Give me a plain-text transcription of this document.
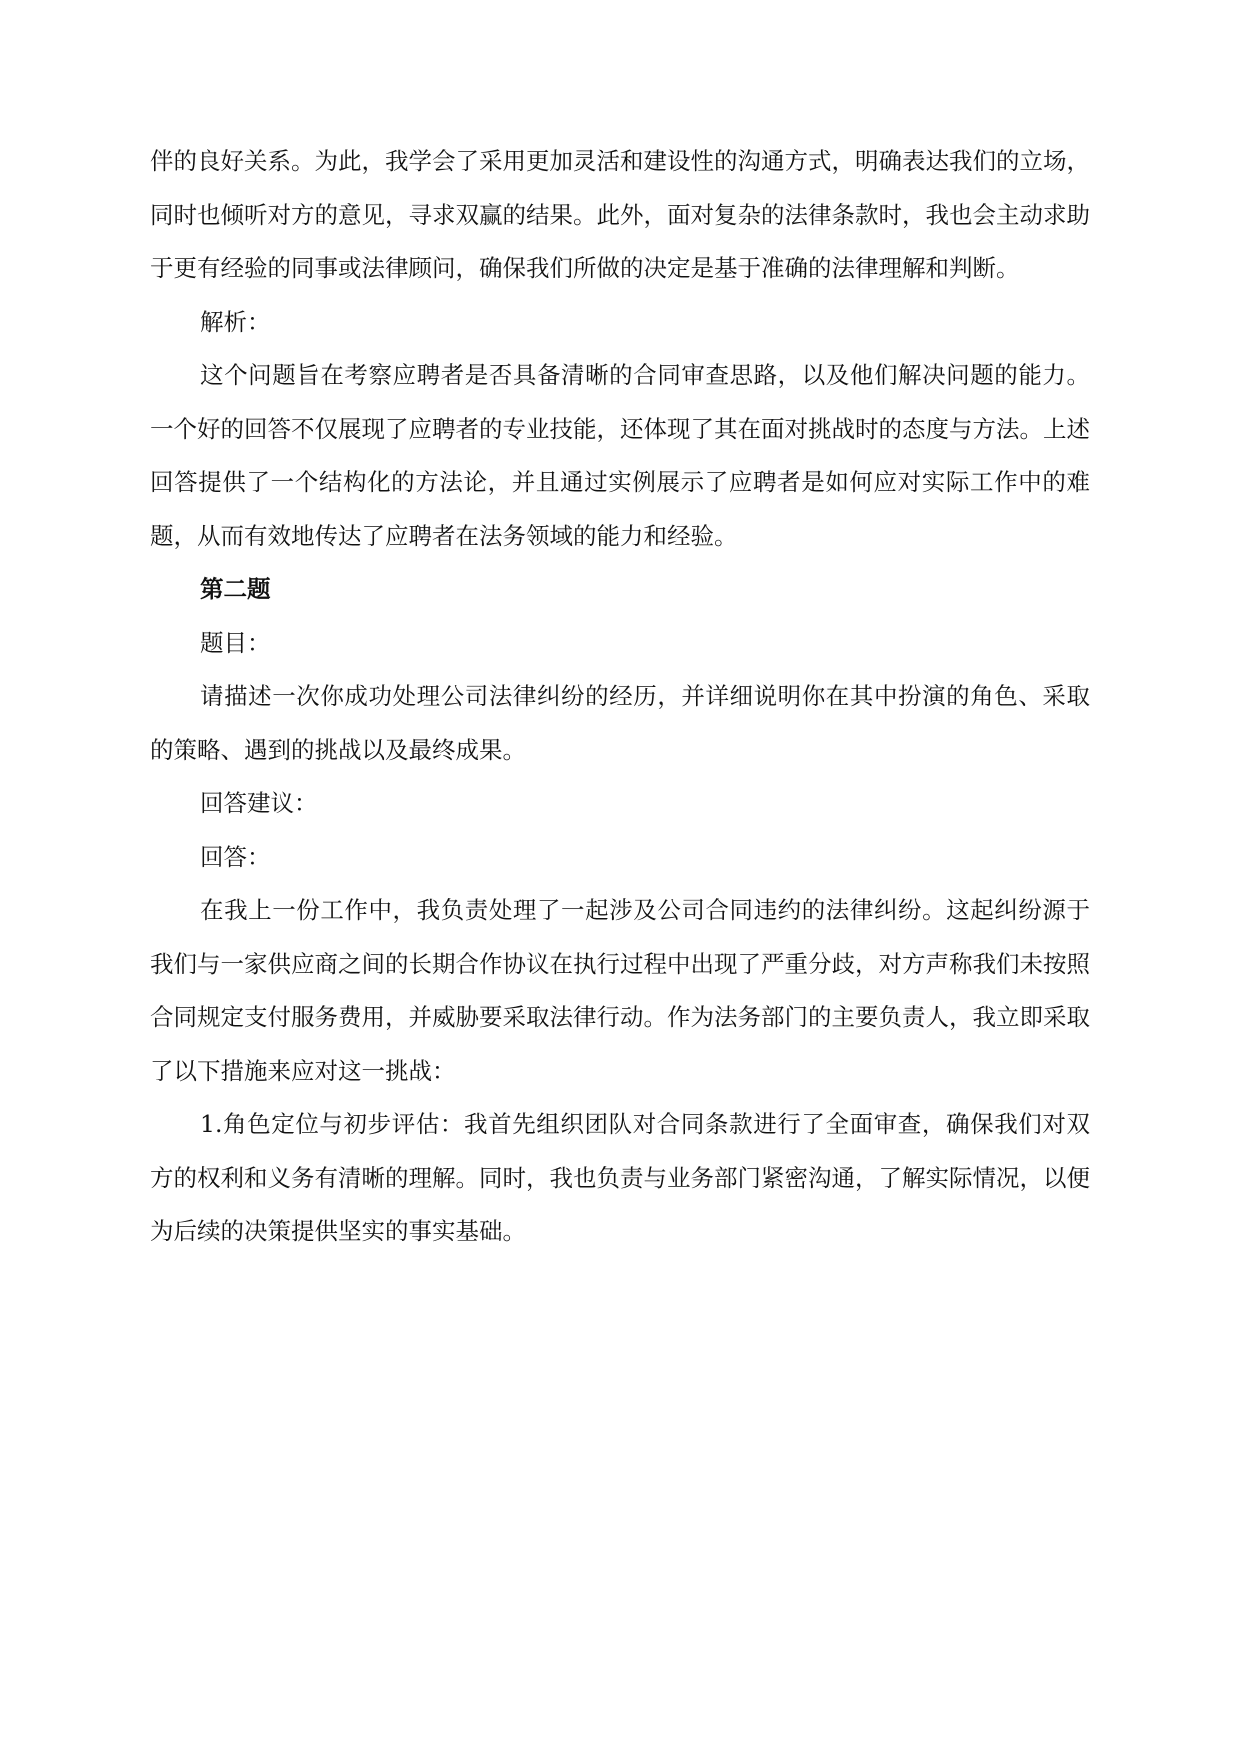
伴的良好关系。为此，我学会了采用更加灵活和建设性的沟通方式，明确表达我们的立场，同时也倾听对方的意见，寻求双赢的结果。此外，面对复杂的法律条款时，我也会主动求助于更有经验的同事或法律顾问，确保我们所做的决定是基于准确的法律理解和判断。

解析：

这个问题旨在考察应聘者是否具备清晰的合同审查思路，以及他们解决问题的能力。一个好的回答不仅展现了应聘者的专业技能，还体现了其在面对挑战时的态度与方法。上述回答提供了一个结构化的方法论，并且通过实例展示了应聘者是如何应对实际工作中的难题，从而有效地传达了应聘者在法务领域的能力和经验。

第二题

题目：

请描述一次你成功处理公司法律纠纷的经历，并详细说明你在其中扮演的角色、采取的策略、遇到的挑战以及最终成果。

回答建议：

回答：

在我上一份工作中，我负责处理了一起涉及公司合同违约的法律纠纷。这起纠纷源于我们与一家供应商之间的长期合作协议在执行过程中出现了严重分歧，对方声称我们未按照合同规定支付服务费用，并威胁要采取法律行动。作为法务部门的主要负责人，我立即采取了以下措施来应对这一挑战：

1.角色定位与初步评估：我首先组织团队对合同条款进行了全面审查，确保我们对双方的权利和义务有清晰的理解。同时，我也负责与业务部门紧密沟通，了解实际情况，以便为后续的决策提供坚实的事实基础。
